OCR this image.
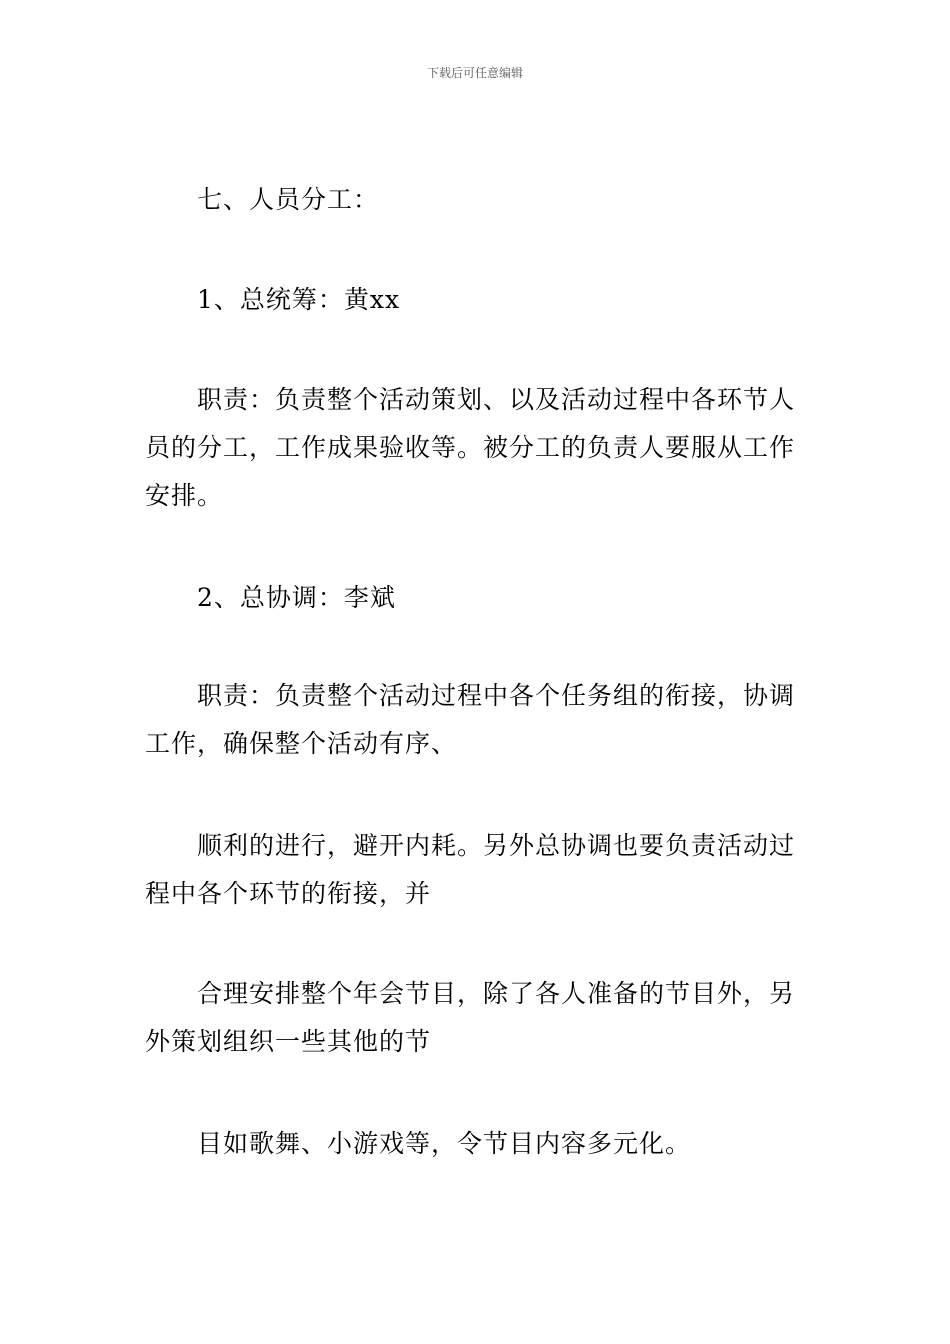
下载后可任意编辑

七、人员分工：

1、总统筹：黄xx

职责：负责整个活动策划、以及活动过程中各环节人员的分工，工作成果验收等。被分工的负责人要服从工作安排。

2、总协调：李斌

职责：负责整个活动过程中各个任务组的衔接，协调工作，确保整个活动有序、

顺利的进行，避开内耗。另外总协调也要负责活动过程中各个环节的衔接，并

合理安排整个年会节目，除了各人准备的节目外，另外策划组织一些其他的节

目如歌舞、小游戏等，令节目内容多元化。
